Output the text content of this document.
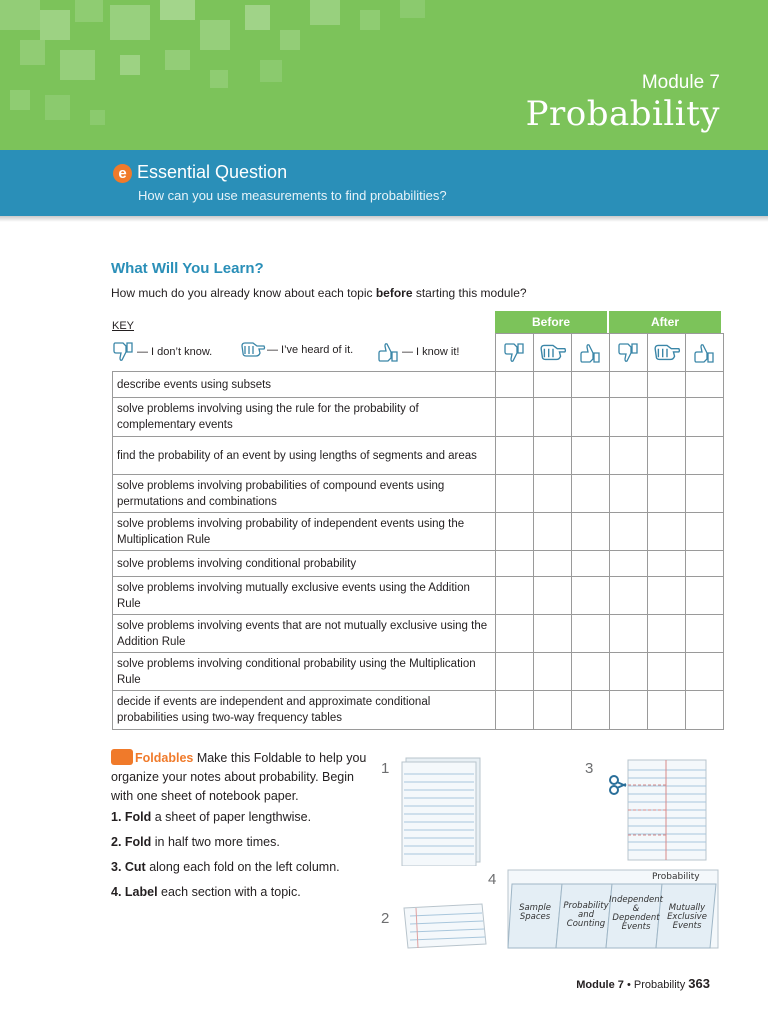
Module 7
Probability
e Essential Question
How can you use measurements to find probabilities?
What Will You Learn?
How much do you already know about each topic before starting this module?
KEY
— I don’t know.	— I’ve heard of it.	— I know it!
Before	After
describe events using subsets
solve problems involving using the rule for the probability of complementary events
find the probability of an event by using lengths of segments and areas
solve problems involving probabilities of compound events using permutations and combinations
solve problems involving probability of independent events using the Multiplication Rule
solve problems involving conditional probability
solve problems involving mutually exclusive events using the Addition Rule
solve problems involving events that are not mutually exclusive using the Addition Rule
solve problems involving conditional probability using the Multiplication Rule
decide if events are independent and approximate conditional probabilities using two-way frequency tables
Foldables Make this Foldable to help you organize your notes about probability. Begin with one sheet of notebook paper.
1. Fold a sheet of paper lengthwise.
2. Fold in half two more times.
3. Cut along each fold on the left column.
4. Label each section with a topic.
1
2
3
4	Probability
Sample Spaces
Probability and Counting
Independent & Dependent Events
Mutually Exclusive Events
Module 7 • Probability 363
